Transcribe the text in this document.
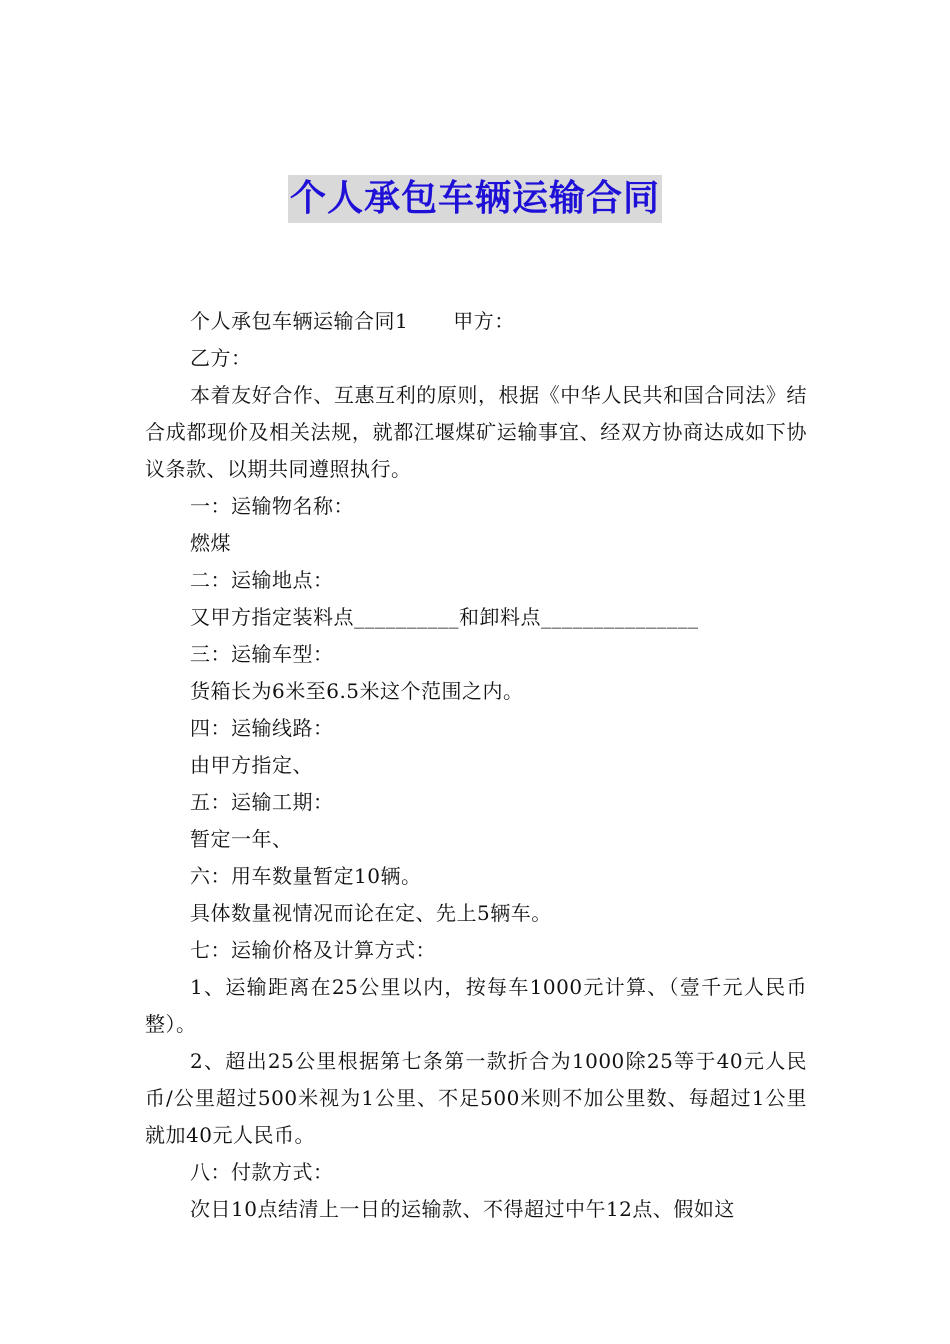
个人承包车辆运输合同

个人承包车辆运输合同1 甲方：

乙方：

本着友好合作、互惠互利的原则，根据《中华人民共和国合同法》结合成都现价及相关法规，就都江堰煤矿运输事宜、经双方协商达成如下协议条款、以期共同遵照执行。

一：运输物名称：

燃煤

二：运输地点：

又甲方指定装料点__________和卸料点_______________

三：运输车型：

货箱长为6米至6.5米这个范围之内。

四：运输线路：

由甲方指定、

五：运输工期：

暂定一年、

六：用车数量暂定10辆。

具体数量视情况而论在定、先上5辆车。

七：运输价格及计算方式：

1、运输距离在25公里以内，按每车1000元计算、（壹千元人民币整）。

2、超出25公里根据第七条第一款折合为1000除25等于40元人民币/公里超过500米视为1公里、不足500米则不加公里数、每超过1公里就加40元人民币。

八：付款方式：

次日10点结清上一日的运输款、不得超过中午12点、假如这
